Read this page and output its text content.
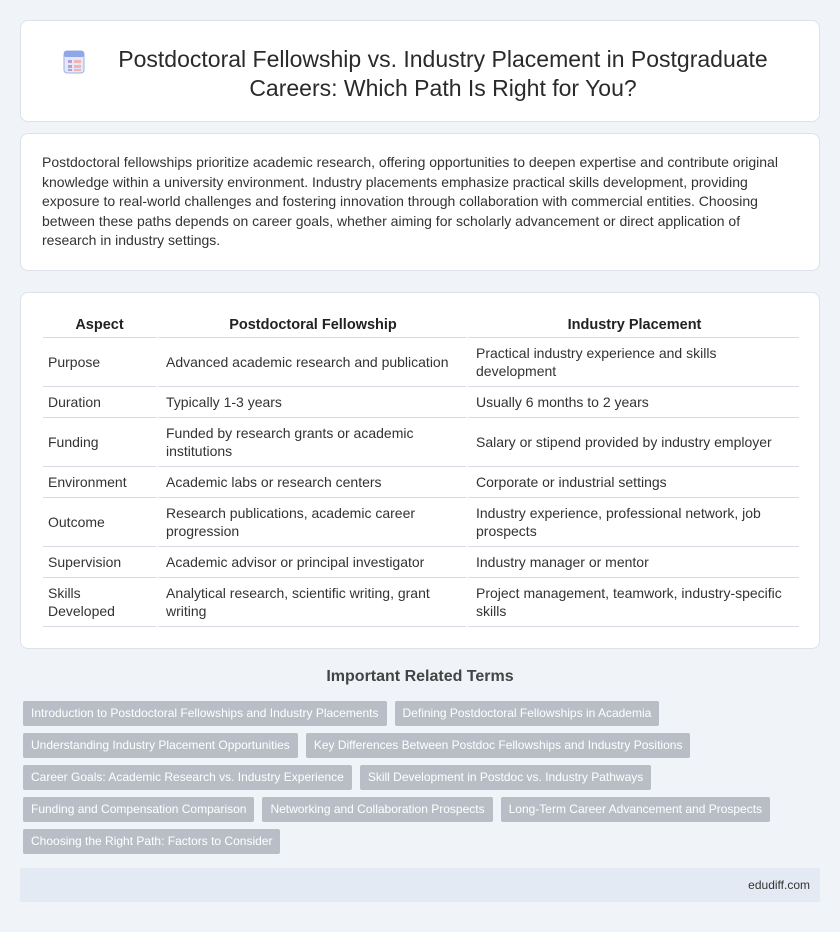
Postdoctoral Fellowship vs. Industry Placement in Postgraduate Careers: Which Path Is Right for You?

Postdoctoral fellowships prioritize academic research, offering opportunities to deepen expertise and contribute original knowledge within a university environment. Industry placements emphasize practical skills development, providing exposure to real-world challenges and fostering innovation through collaboration with commercial entities. Choosing between these paths depends on career goals, whether aiming for scholarly advancement or direct application of research in industry settings.

Aspect	Postdoctoral Fellowship	Industry Placement
Purpose	Advanced academic research and publication	Practical industry experience and skills development
Duration	Typically 1-3 years	Usually 6 months to 2 years
Funding	Funded by research grants or academic institutions	Salary or stipend provided by industry employer
Environment	Academic labs or research centers	Corporate or industrial settings
Outcome	Research publications, academic career progression	Industry experience, professional network, job prospects
Supervision	Academic advisor or principal investigator	Industry manager or mentor
Skills Developed	Analytical research, scientific writing, grant writing	Project management, teamwork, industry-specific skills
Important Related Terms
Introduction to Postdoctoral Fellowships and Industry Placements	Defining Postdoctoral Fellowships in Academia
Understanding Industry Placement Opportunities	Key Differences Between Postdoc Fellowships and Industry Positions
Career Goals: Academic Research vs. Industry Experience	Skill Development in Postdoc vs. Industry Pathways
Funding and Compensation Comparison	Networking and Collaboration Prospects	Long-Term Career Advancement and Prospects
Choosing the Right Path: Factors to Consider
edudiff.com
